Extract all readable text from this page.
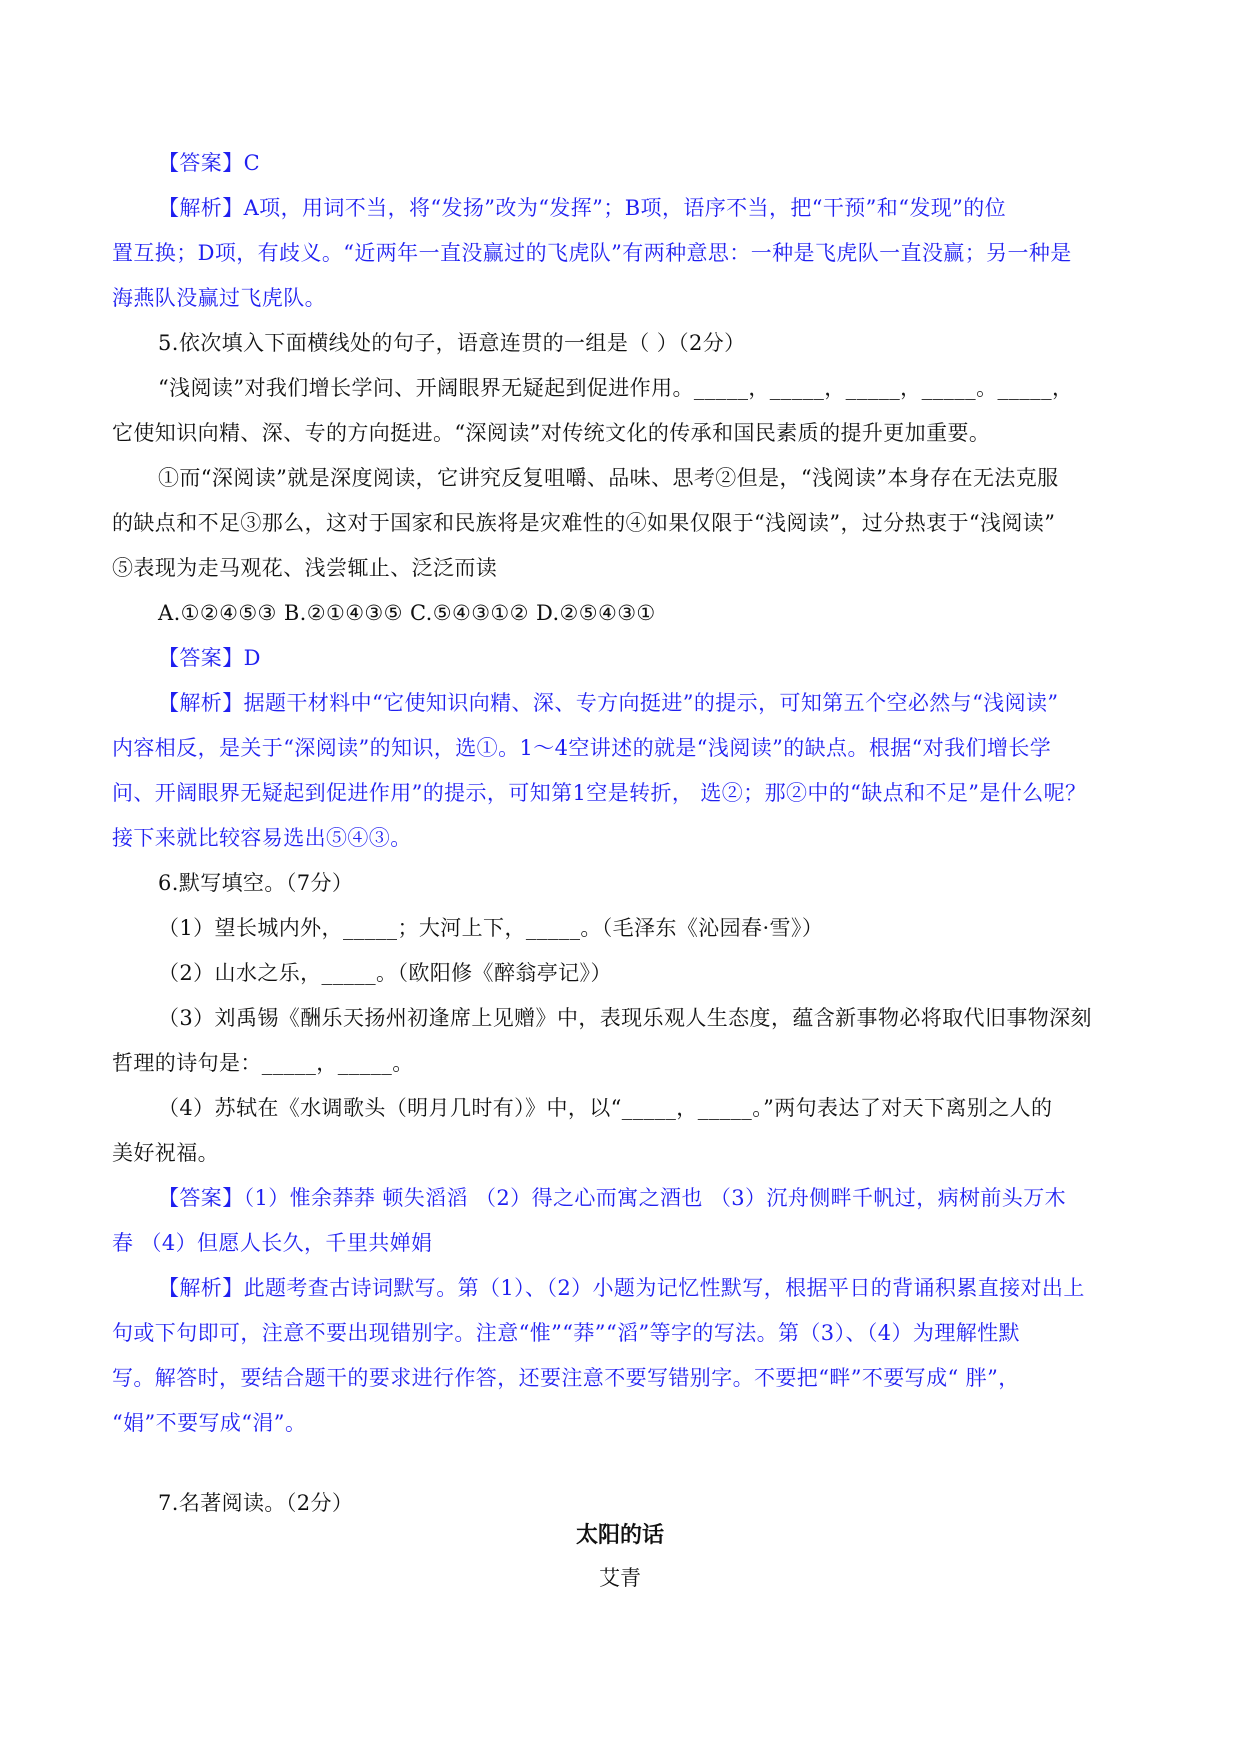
【答案】C
【解析】A项，用词不当，将“发扬”改为“发挥”；B项，语序不当，把“干预”和“发现”的位
置互换；D项，有歧义。“近两年一直没赢过的飞虎队”有两种意思：一种是飞虎队一直没赢；另一种是
海燕队没赢过飞虎队。
5.依次填入下面横线处的句子，语意连贯的一组是（ ）（2分）
“浅阅读”对我们增长学问、开阔眼界无疑起到促进作用。_____，_____，_____，_____。_____，
它使知识向精、深、专的方向挺进。“深阅读”对传统文化的传承和国民素质的提升更加重要。
①而“深阅读”就是深度阅读，它讲究反复咀嚼、品味、思考②但是，“浅阅读”本身存在无法克服
的缺点和不足③那么，这对于国家和民族将是灾难性的④如果仅限于“浅阅读”，过分热衷于“浅阅读”
⑤表现为走马观花、浅尝辄止、泛泛而读
A.①②④⑤③ B.②①④③⑤ C.⑤④③①② D.②⑤④③①
【答案】D
【解析】据题干材料中“它使知识向精、深、专方向挺进”的提示，可知第五个空必然与“浅阅读”
内容相反，是关于“深阅读”的知识，选①。1～4空讲述的就是“浅阅读”的缺点。根据“对我们增长学
问、开阔眼界无疑起到促进作用”的提示，可知第1空是转折， 选②；那②中的“缺点和不足”是什么呢？
接下来就比较容易选出⑤④③。
6.默写填空。（7分）
（1）望长城内外，_____；大河上下，_____。（毛泽东《沁园春·雪》）
（2）山水之乐，_____。（欧阳修《醉翁亭记》）
（3）刘禹锡《酬乐天扬州初逢席上见赠》中，表现乐观人生态度，蕴含新事物必将取代旧事物深刻
哲理的诗句是：_____，_____。
（4）苏轼在《水调歌头（明月几时有）》中，以“_____，_____。”两句表达了对天下离别之人的
美好祝福。
【答案】（1）惟余莽莽 顿失滔滔 （2）得之心而寓之酒也 （3）沉舟侧畔千帆过，病树前头万木
春 （4）但愿人长久，千里共婵娟
【解析】此题考查古诗词默写。第（1）、（2）小题为记忆性默写，根据平日的背诵积累直接对出上
句或下句即可，注意不要出现错别字。注意“惟”“莽”“滔”等字的写法。第（3）、（4）为理解性默
写。解答时，要结合题干的要求进行作答，还要注意不要写错别字。不要把“畔”不要写成“ 胖”，
“娟”不要写成“涓”。
7.名著阅读。（2分）
太阳的话
艾青
